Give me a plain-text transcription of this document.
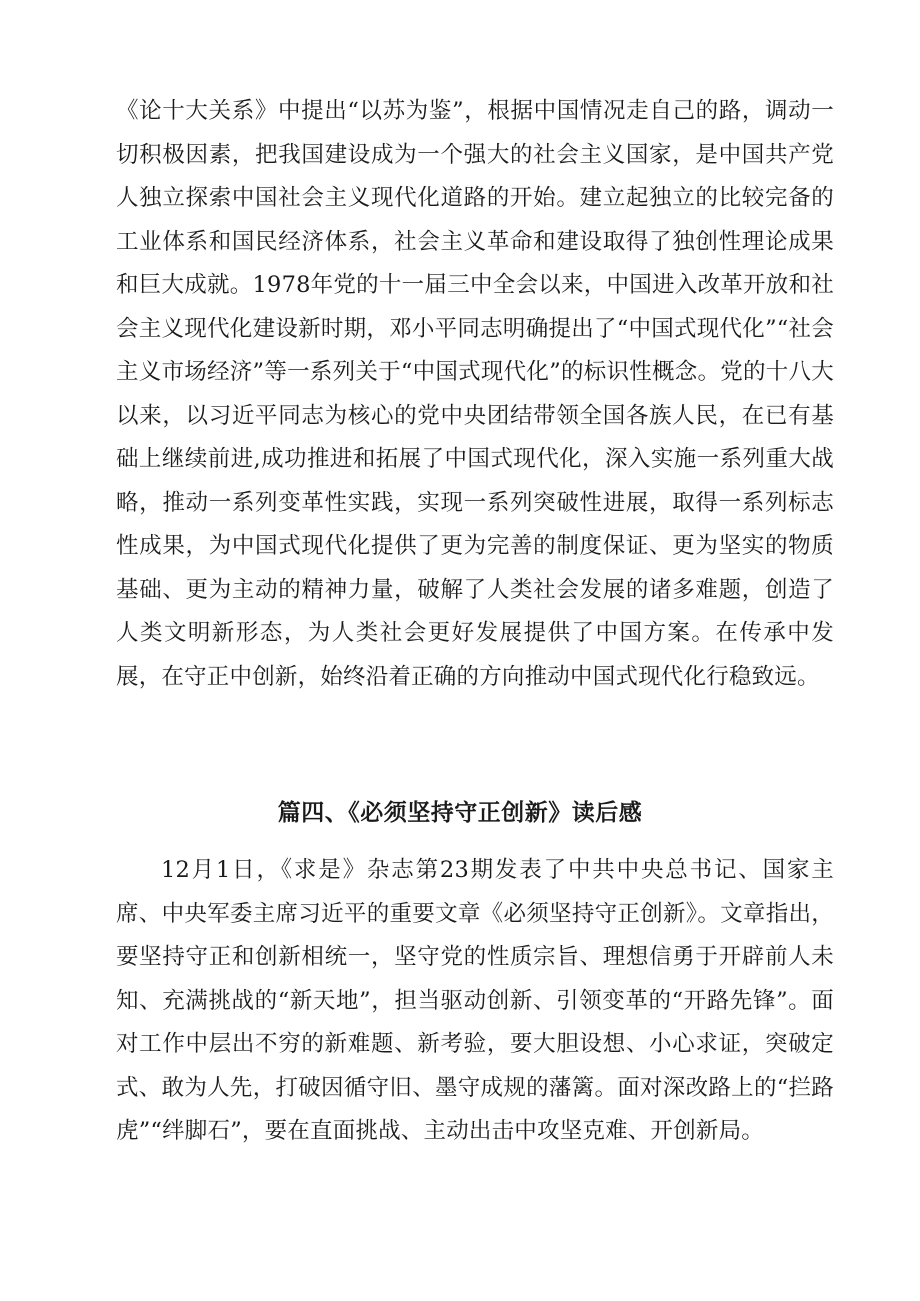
《论十大关系》中提出“以苏为鉴”，根据中国情况走自己的路，调动一切积极因素，把我国建设成为一个强大的社会主义国家，是中国共产党人独立探索中国社会主义现代化道路的开始。建立起独立的比较完备的工业体系和国民经济体系，社会主义革命和建设取得了独创性理论成果和巨大成就。1978年党的十一届三中全会以来，中国进入改革开放和社会主义现代化建设新时期，邓小平同志明确提出了“中国式现代化”“社会主义市场经济”等一系列关于“中国式现代化”的标识性概念。党的十八大以来，以习近平同志为核心的党中央团结带领全国各族人民，在已有基础上继续前进,成功推进和拓展了中国式现代化，深入实施一系列重大战略，推动一系列变革性实践，实现一系列突破性进展，取得一系列标志性成果，为中国式现代化提供了更为完善的制度保证、更为坚实的物质基础、更为主动的精神力量，破解了人类社会发展的诸多难题，创造了人类文明新形态，为人类社会更好发展提供了中国方案。在传承中发展，在守正中创新，始终沿着正确的方向推动中国式现代化行稳致远。

篇四、《必须坚持守正创新》读后感

12月1日，《求是》杂志第23期发表了中共中央总书记、国家主席、中央军委主席习近平的重要文章《必须坚持守正创新》。文章指出，要坚持守正和创新相统一，坚守党的性质宗旨、理想信勇于开辟前人未知、充满挑战的“新天地”，担当驱动创新、引领变革的“开路先锋”。面对工作中层出不穷的新难题、新考验，要大胆设想、小心求证，突破定式、敢为人先，打破因循守旧、墨守成规的藩篱。面对深改路上的“拦路虎”“绊脚石”，要在直面挑战、主动出击中攻坚克难、开创新局。
